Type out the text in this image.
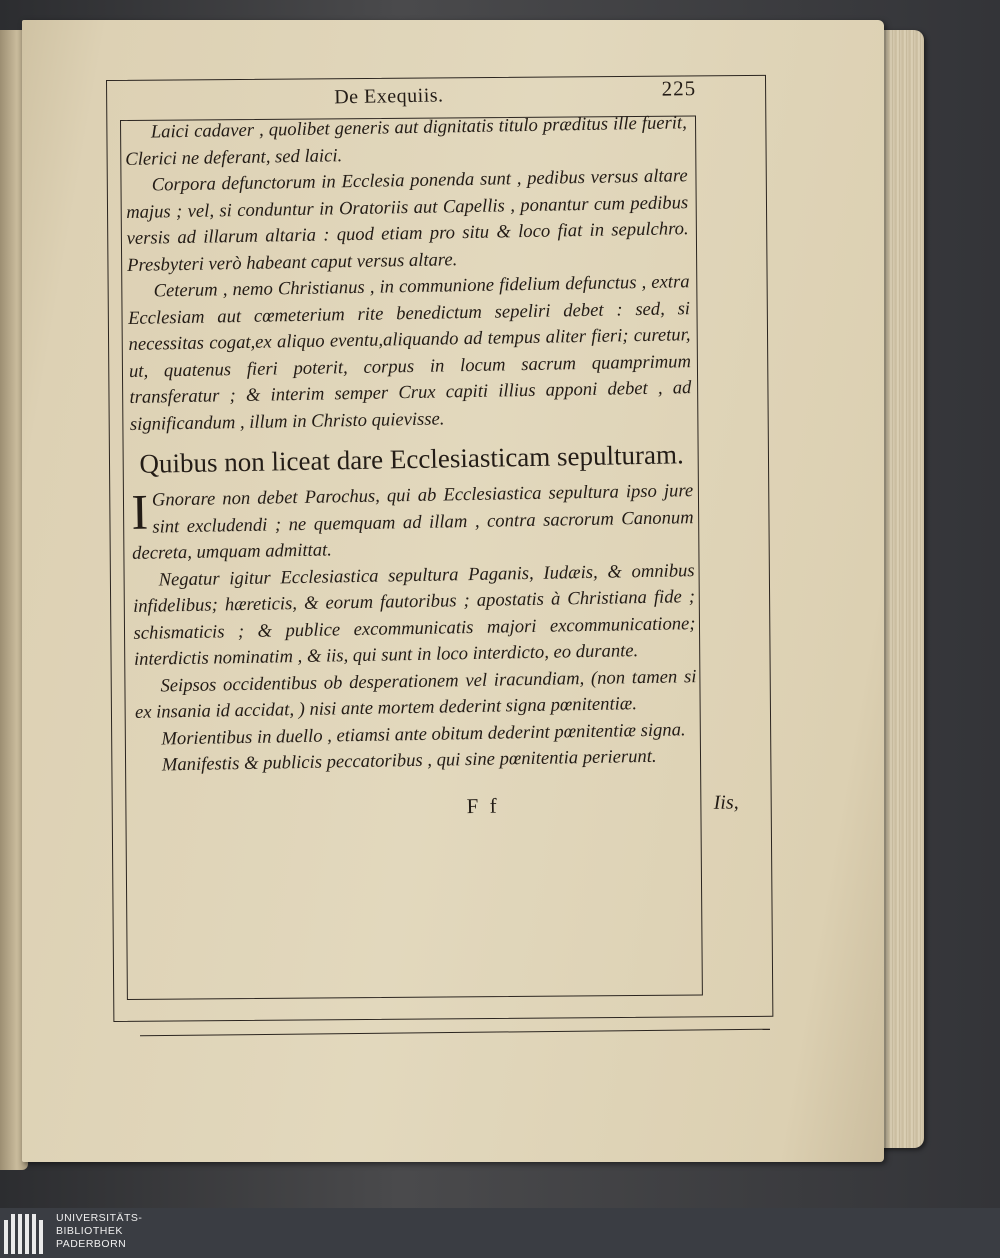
De Exequiis.	225

Laici cadaver , quolibet generis aut dignitatis titulo præditus ille fuerit, Clerici ne deferant, sed laici.

Corpora defunctorum in Ecclesia ponenda sunt , pedibus versus altare majus ; vel, si conduntur in Oratoriis aut Capellis , ponantur cum pedibus versis ad illarum altaria : quod etiam pro situ & loco fiat in sepulchro. Presbyteri verò habeant caput versus altare.

Ceterum , nemo Christianus , in communione fidelium defunctus , extra Ecclesiam aut cœmeterium rite benedictum sepeliri debet : sed, si necessitas cogat,ex aliquo eventu,aliquando ad tempus aliter fieri; curetur, ut, quatenus fieri poterit, corpus in locum sacrum quamprimum transferatur ; & interim semper Crux capiti illius apponi debet , ad significandum , illum in Christo quievisse.

Quibus non liceat dare Ecclesiasticam sepulturam.

I Gnorare non debet Parochus, qui ab Ecclesiastica sepultura ipso jure sint excludendi ; ne quemquam ad illam , contra sacrorum Canonum decreta, umquam admittat.

Negatur igitur Ecclesiastica sepultura Paganis, Iudæis, & omnibus infidelibus; hæreticis, & eorum fautoribus ; apostatis à Christiana fide ; schismaticis ; & publice excommunicatis majori excommunicatione; interdictis nominatim , & iis, qui sunt in loco interdicto, eo durante.

Seipsos occidentibus ob desperationem vel iracundiam, (non tamen si ex insania id accidat, ) nisi ante mortem dederint signa pœnitentiæ.

Morientibus in duello , etiamsi ante obitum dederint pœnitentiæ signa.

Manifestis & publicis peccatoribus , qui sine pœnitentia perierunt.

F f	Iis,
UNIVERSITÄTS-
BIBLIOTHEK
PADERBORN
